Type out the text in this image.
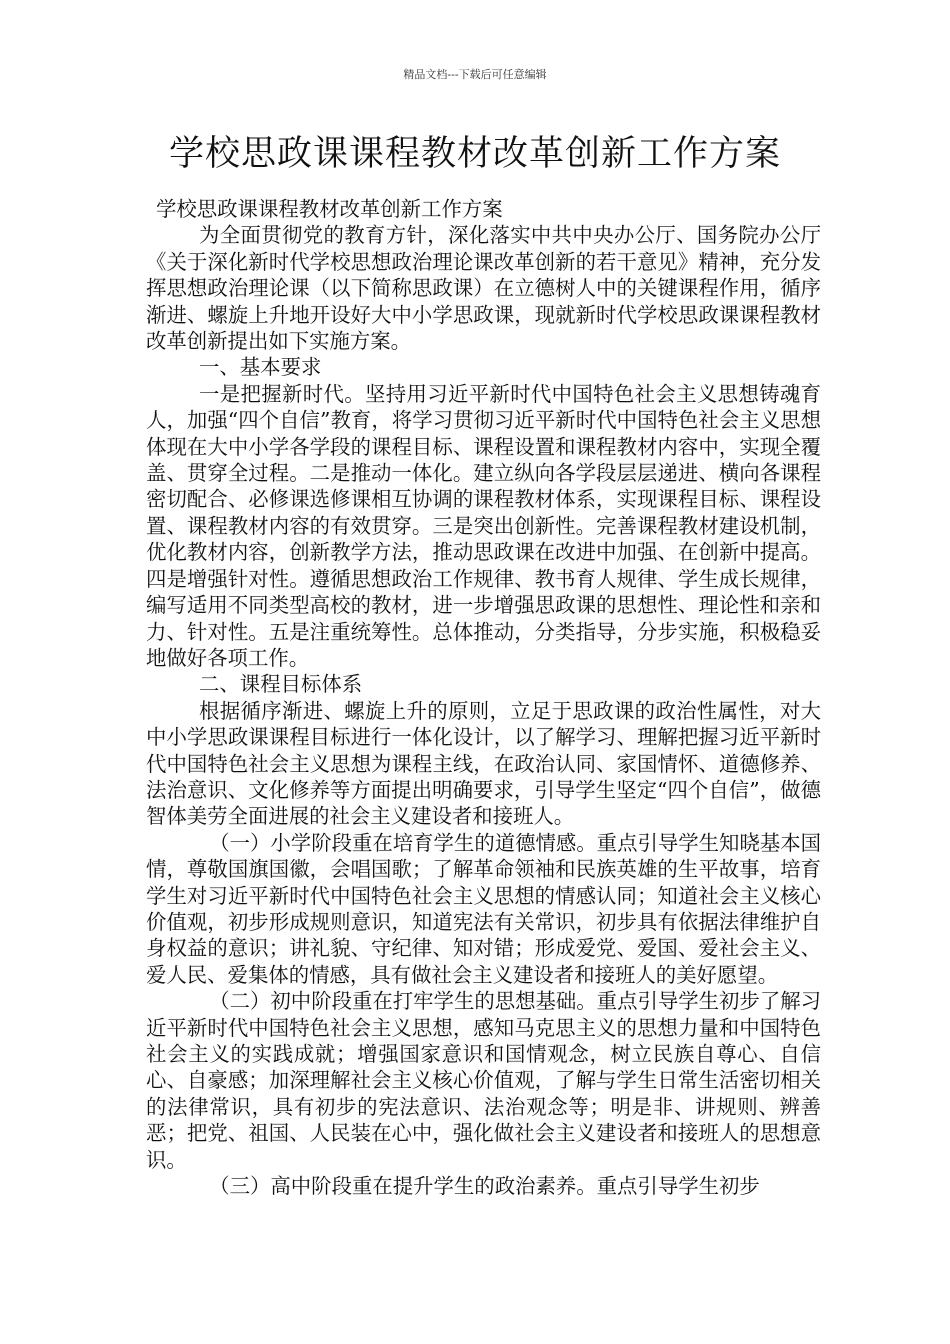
精品文档---下载后可任意编辑
学校思政课课程教材改革创新工作方案

学校思政课课程教材改革创新工作方案

为全面贯彻党的教育方针，深化落实中共中央办公厅、国务院办公厅《关于深化新时代学校思想政治理论课改革创新的若干意见》精神，充分发挥思想政治理论课（以下简称思政课）在立德树人中的关键课程作用，循序渐进、螺旋上升地开设好大中小学思政课，现就新时代学校思政课课程教材改革创新提出如下实施方案。

一、基本要求

一是把握新时代。坚持用习近平新时代中国特色社会主义思想铸魂育人，加强“四个自信”教育，将学习贯彻习近平新时代中国特色社会主义思想体现在大中小学各学段的课程目标、课程设置和课程教材内容中，实现全覆盖、贯穿全过程。二是推动一体化。建立纵向各学段层层递进、横向各课程密切配合、必修课选修课相互协调的课程教材体系，实现课程目标、课程设置、课程教材内容的有效贯穿。三是突出创新性。完善课程教材建设机制，优化教材内容，创新教学方法，推动思政课在改进中加强、在创新中提高。四是增强针对性。遵循思想政治工作规律、教书育人规律、学生成长规律，编写适用不同类型高校的教材，进一步增强思政课的思想性、理论性和亲和力、针对性。五是注重统筹性。总体推动，分类指导，分步实施，积极稳妥地做好各项工作。

二、课程目标体系

根据循序渐进、螺旋上升的原则，立足于思政课的政治性属性，对大中小学思政课课程目标进行一体化设计，以了解学习、理解把握习近平新时代中国特色社会主义思想为课程主线，在政治认同、家国情怀、道德修养、法治意识、文化修养等方面提出明确要求，引导学生坚定“四个自信”，做德智体美劳全面进展的社会主义建设者和接班人。

（一）小学阶段重在培育学生的道德情感。重点引导学生知晓基本国情，尊敬国旗国徽，会唱国歌；了解革命领袖和民族英雄的生平故事，培育学生对习近平新时代中国特色社会主义思想的情感认同；知道社会主义核心价值观，初步形成规则意识，知道宪法有关常识，初步具有依据法律维护自身权益的意识；讲礼貌、守纪律、知对错；形成爱党、爱国、爱社会主义、爱人民、爱集体的情感，具有做社会主义建设者和接班人的美好愿望。

（二）初中阶段重在打牢学生的思想基础。重点引导学生初步了解习近平新时代中国特色社会主义思想，感知马克思主义的思想力量和中国特色社会主义的实践成就；增强国家意识和国情观念，树立民族自尊心、自信心、自豪感；加深理解社会主义核心价值观，了解与学生日常生活密切相关的法律常识，具有初步的宪法意识、法治观念等；明是非、讲规则、辨善恶；把党、祖国、人民装在心中，强化做社会主义建设者和接班人的思想意识。

（三）高中阶段重在提升学生的政治素养。重点引导学生初步
